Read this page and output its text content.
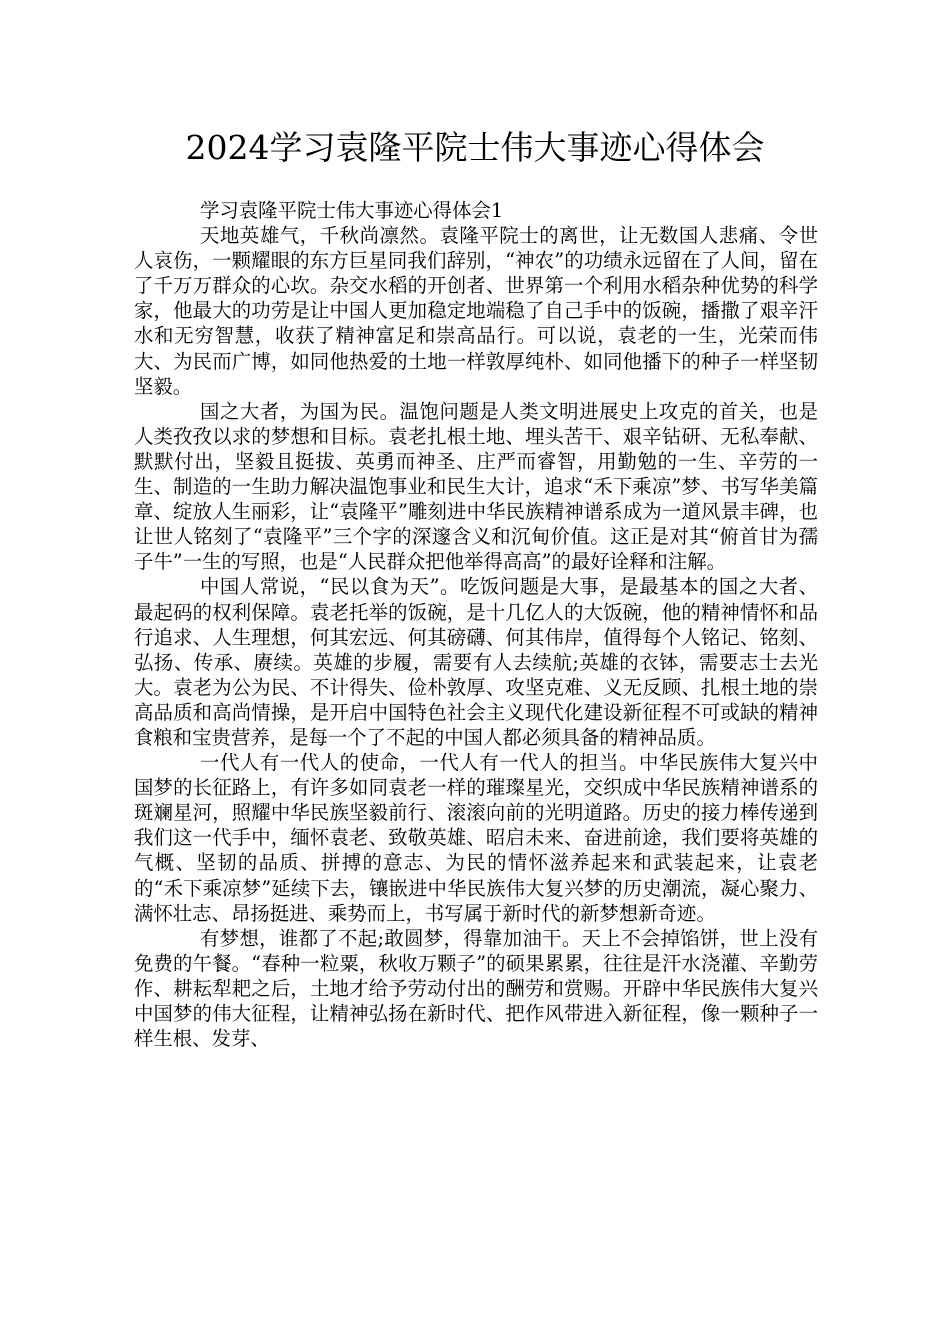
2024学习袁隆平院士伟大事迹心得体会

学习袁隆平院士伟大事迹心得体会1

天地英雄气，千秋尚凛然。袁隆平院士的离世，让无数国人悲痛、令世人哀伤，一颗耀眼的东方巨星同我们辞别，“神农”的功绩永远留在了人间，留在了千万万群众的心坎。杂交水稻的开创者、世界第一个利用水稻杂种优势的科学家，他最大的功劳是让中国人更加稳定地端稳了自己手中的饭碗，播撒了艰辛汗水和无穷智慧，收获了精神富足和崇高品行。可以说，袁老的一生，光荣而伟大、为民而广博，如同他热爱的土地一样敦厚纯朴、如同他播下的种子一样坚韧坚毅。

国之大者，为国为民。温饱问题是人类文明进展史上攻克的首关，也是人类孜孜以求的梦想和目标。袁老扎根土地、埋头苦干、艰辛钻研、无私奉献、默默付出，坚毅且挺拔、英勇而神圣、庄严而睿智，用勤勉的一生、辛劳的一生、制造的一生助力解决温饱事业和民生大计，追求“禾下乘凉”梦、书写华美篇章、绽放人生丽彩，让“袁隆平”雕刻进中华民族精神谱系成为一道风景丰碑，也让世人铭刻了“袁隆平”三个字的深邃含义和沉甸价值。这正是对其“俯首甘为孺子牛”一生的写照，也是“人民群众把他举得高高”的最好诠释和注解。

中国人常说，“民以食为天”。吃饭问题是大事，是最基本的国之大者、最起码的权利保障。袁老托举的饭碗，是十几亿人的大饭碗，他的精神情怀和品行追求、人生理想，何其宏远、何其磅礴、何其伟岸，值得每个人铭记、铭刻、弘扬、传承、赓续。英雄的步履，需要有人去续航;英雄的衣钵，需要志士去光大。袁老为公为民、不计得失、俭朴敦厚、攻坚克难、义无反顾、扎根土地的崇高品质和高尚情操，是开启中国特色社会主义现代化建设新征程不可或缺的精神食粮和宝贵营养，是每一个了不起的中国人都必须具备的精神品质。

一代人有一代人的使命，一代人有一代人的担当。中华民族伟大复兴中国梦的长征路上，有许多如同袁老一样的璀璨星光，交织成中华民族精神谱系的斑斓星河，照耀中华民族坚毅前行、滚滚向前的光明道路。历史的接力棒传递到我们这一代手中，缅怀袁老、致敬英雄、昭启未来、奋进前途，我们要将英雄的气概、坚韧的品质、拼搏的意志、为民的情怀滋养起来和武装起来，让袁老的“禾下乘凉梦”延续下去，镶嵌进中华民族伟大复兴梦的历史潮流，凝心聚力、满怀壮志、昂扬挺进、乘势而上，书写属于新时代的新梦想新奇迹。

有梦想，谁都了不起;敢圆梦，得靠加油干。天上不会掉馅饼，世上没有免费的午餐。“春种一粒粟，秋收万颗子”的硕果累累，往往是汗水浇灌、辛勤劳作、耕耘犁耙之后，土地才给予劳动付出的酬劳和赏赐。开辟中华民族伟大复兴中国梦的伟大征程，让精神弘扬在新时代、把作风带进入新征程，像一颗种子一样生根、发芽、
